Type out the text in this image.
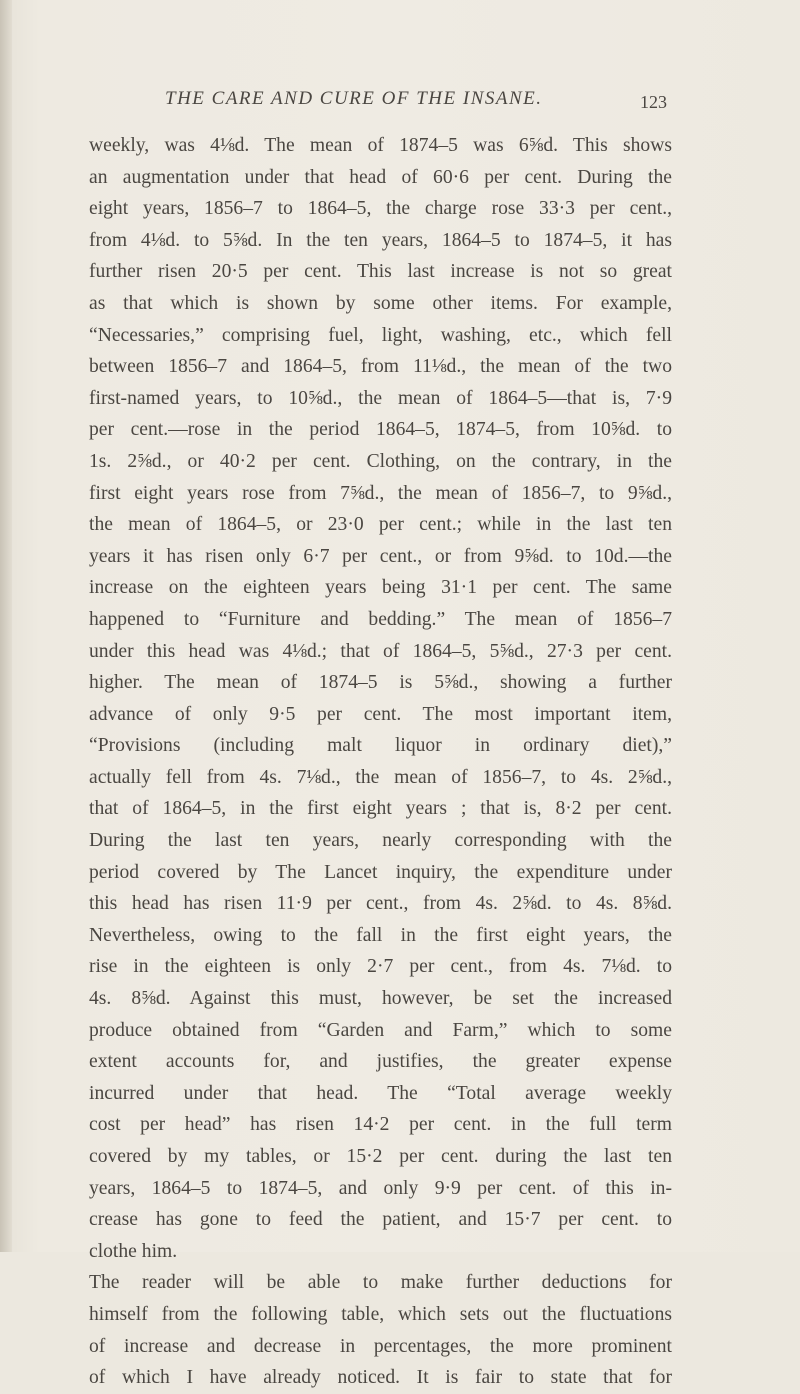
THE CARE AND CURE OF THE INSANE.	123
weekly, was 4⅛d. The mean of 1874–5 was 6⅝d. This shows
an augmentation under that head of 60·6 per cent. During the
eight years, 1856–7 to 1864–5, the charge rose 33·3 per cent.,
from 4⅛d. to 5⅝d. In the ten years, 1864–5 to 1874–5, it has
further risen 20·5 per cent. This last increase is not so great
as that which is shown by some other items. For example,
“Necessaries,” comprising fuel, light, washing, etc., which fell
between 1856–7 and 1864–5, from 11⅛d., the mean of the two
first-named years, to 10⅝d., the mean of 1864–5—that is, 7·9
per cent.—rose in the period 1864–5, 1874–5, from 10⅝d. to
1s. 2⅝d., or 40·2 per cent. Clothing, on the contrary, in the
first eight years rose from 7⅝d., the mean of 1856–7, to 9⅝d.,
the mean of 1864–5, or 23·0 per cent.; while in the last ten
years it has risen only 6·7 per cent., or from 9⅝d. to 10d.—the
increase on the eighteen years being 31·1 per cent. The same
happened to “Furniture and bedding.” The mean of 1856–7
under this head was 4⅛d.; that of 1864–5, 5⅝d., 27·3 per cent.
higher. The mean of 1874–5 is 5⅝d., showing a further
advance of only 9·5 per cent. The most important item,
“Provisions (including malt liquor in ordinary diet),”
actually fell from 4s. 7⅛d., the mean of 1856–7, to 4s. 2⅝d.,
that of 1864–5, in the first eight years ; that is, 8·2 per cent.
During the last ten years, nearly corresponding with the
period covered by The Lancet inquiry, the expenditure under
this head has risen 11·9 per cent., from 4s. 2⅝d. to 4s. 8⅝d.
Nevertheless, owing to the fall in the first eight years, the
rise in the eighteen is only 2·7 per cent., from 4s. 7⅛d. to
4s. 8⅝d. Against this must, however, be set the increased
produce obtained from “Garden and Farm,” which to some
extent accounts for, and justifies, the greater expense
incurred under that head. The “Total average weekly
cost per head” has risen 14·2 per cent. in the full term
covered by my tables, or 15·2 per cent. during the last ten
years, 1864–5 to 1874–5, and only 9·9 per cent. of this in-
crease has gone to feed the patient, and 15·7 per cent. to
clothe him.
The reader will be able to make further deductions for
himself from the following table, which sets out the fluctuations
of increase and decrease in percentages, the more prominent
of which I have already noticed. It is fair to state that for
